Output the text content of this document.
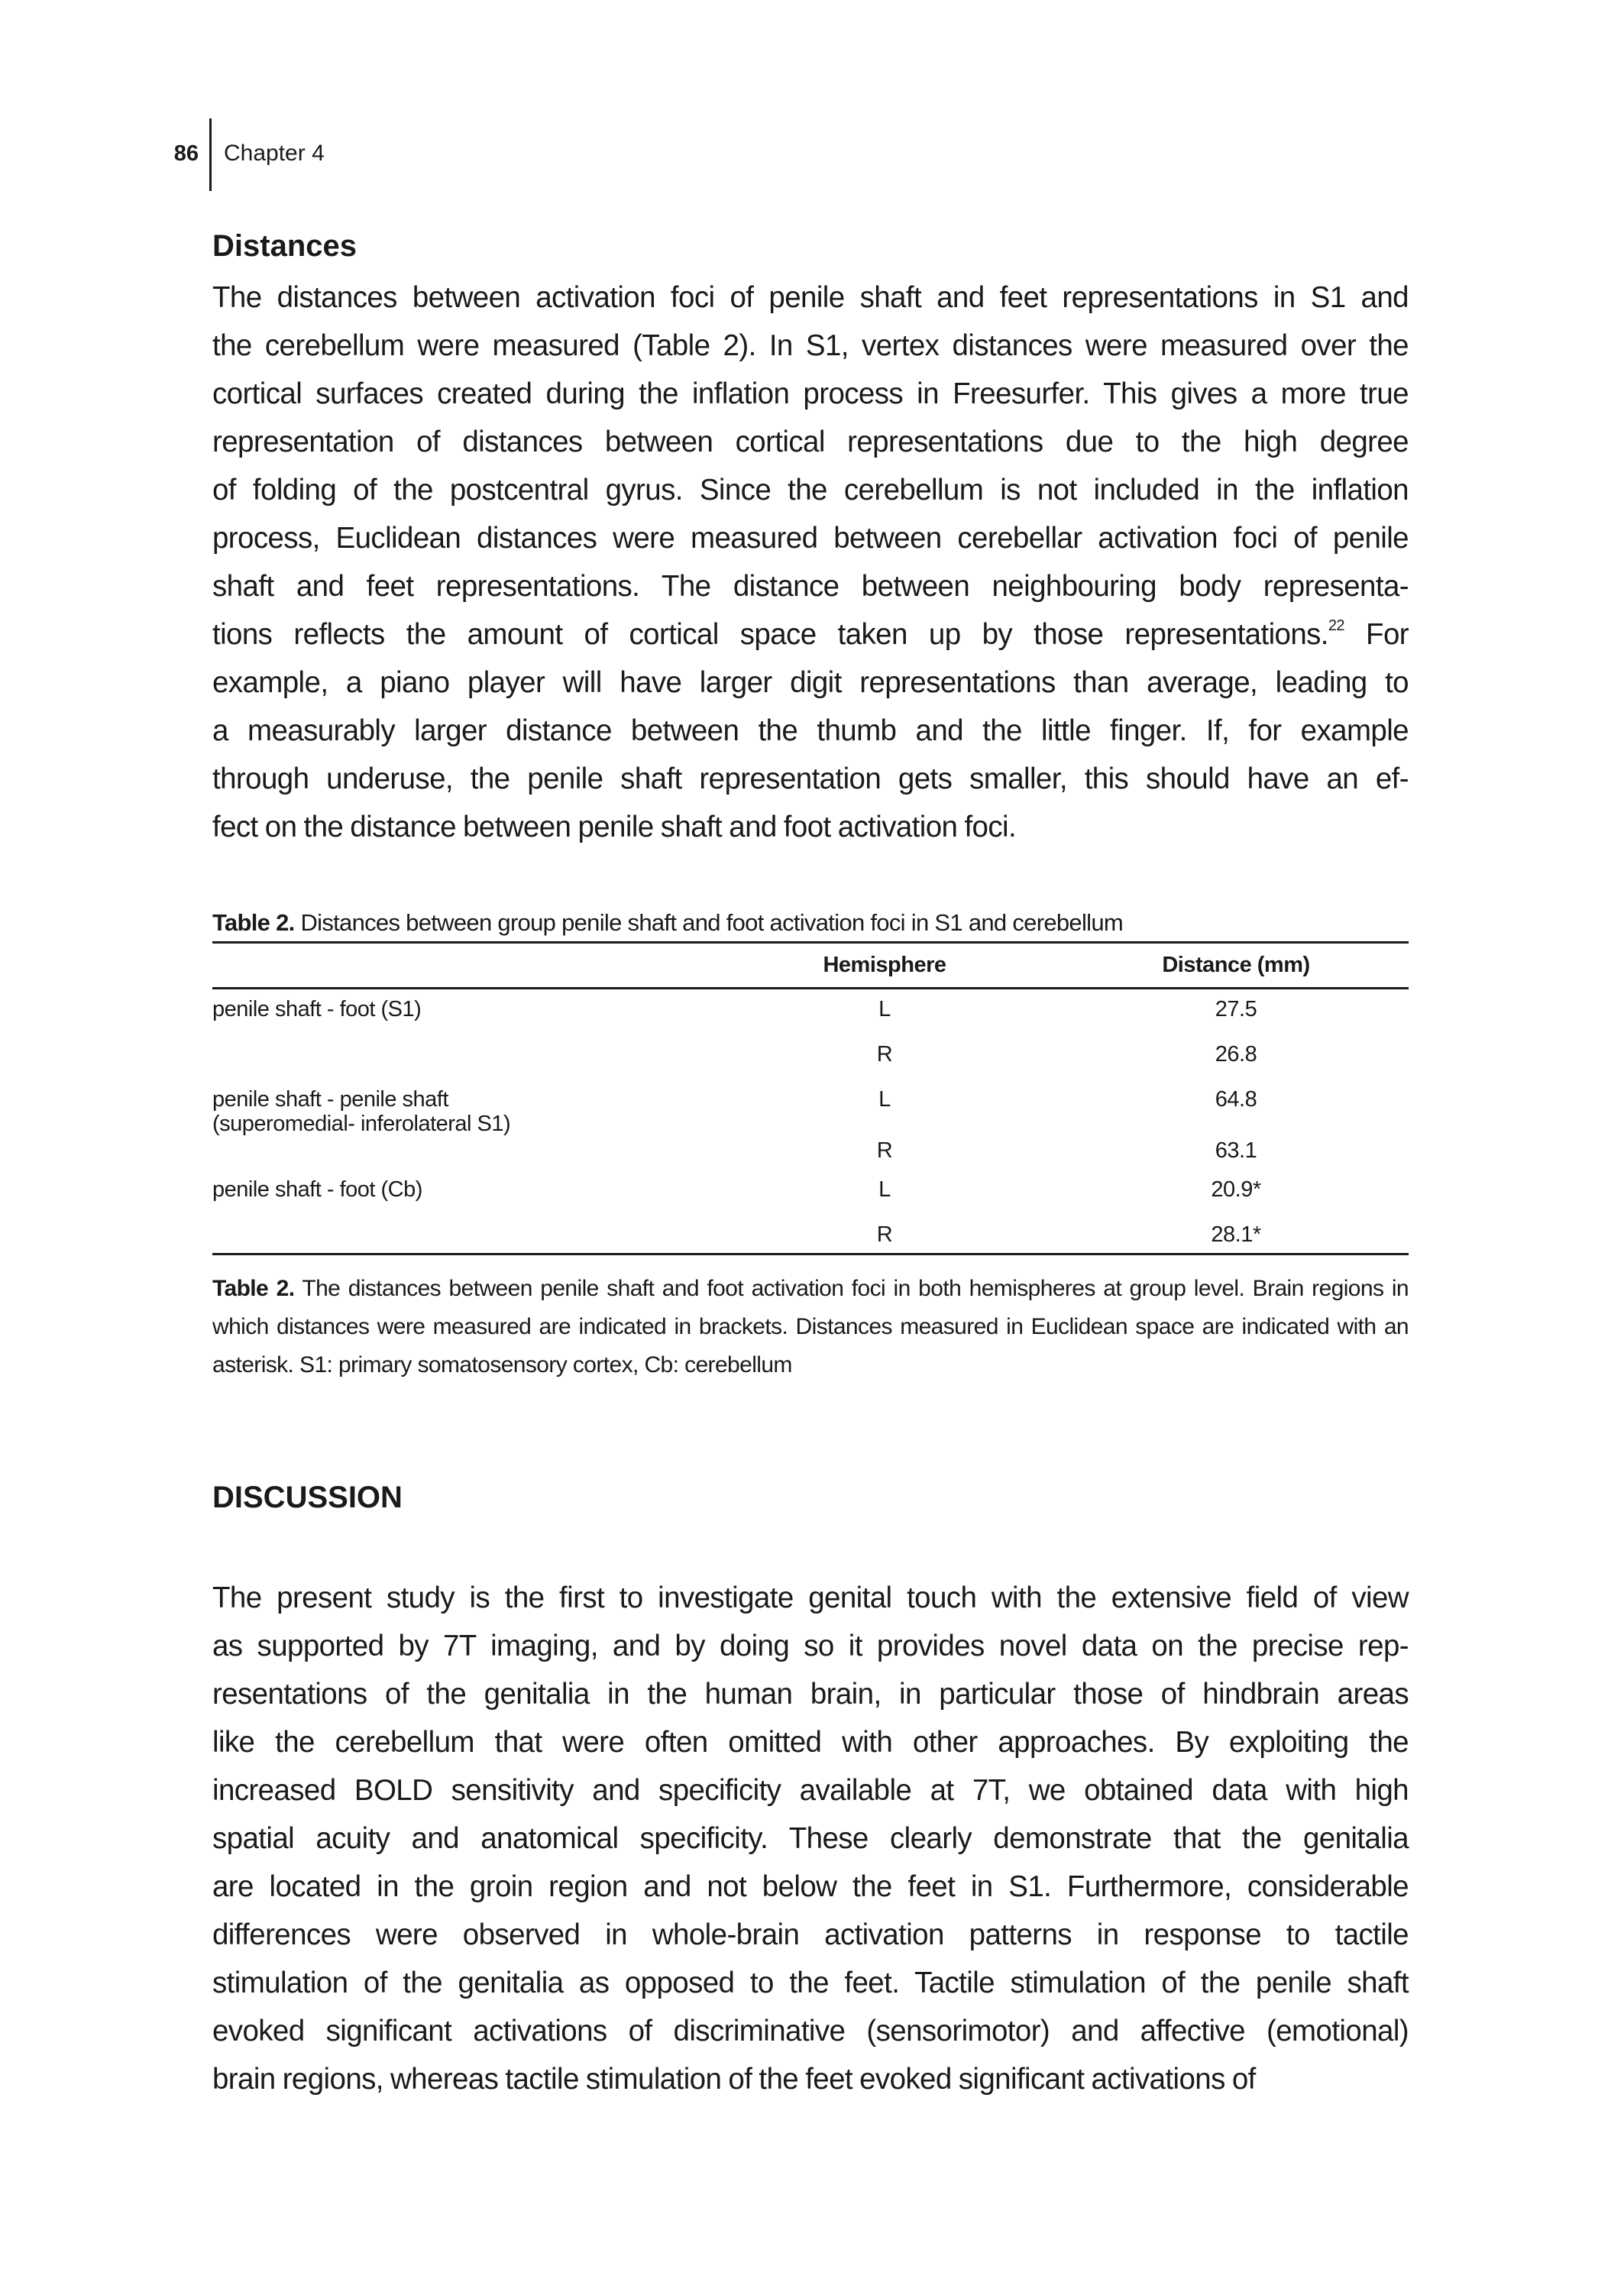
86 Chapter 4
Distances
The distances between activation foci of penile shaft and feet representations in S1 and
the cerebellum were measured (Table 2). In S1, vertex distances were measured over the
cortical surfaces created during the inflation process in Freesurfer. This gives a more true
representation of distances between cortical representations due to the high degree
of folding of the postcentral gyrus. Since the cerebellum is not included in the inflation
process, Euclidean distances were measured between cerebellar activation foci of penile
shaft and feet representations. The distance between neighbouring body representa-
tions reflects the amount of cortical space taken up by those representations.$^{22}$ For
example, a piano player will have larger digit representations than average, leading to
a measurably larger distance between the thumb and the little finger. If, for example
through underuse, the penile shaft representation gets smaller, this should have an ef-
fect on the distance between penile shaft and foot activation foci.
Table 2. Distances between group penile shaft and foot activation foci in S1 and cerebellum
Hemisphere	Distance (mm)
penile shaft - foot (S1)	L	27.5
R	26.8
penile shaft - penile shaft
(superomedial- inferolateral S1)
L	64.8
R	63.1
penile shaft - foot (Cb)	L	20.9*
R	28.1*
Table 2. The distances between penile shaft and foot activation foci in both hemispheres at group level. Brain regions in which distances were measured are indicated in brackets. Distances measured in Euclidean space are indicated with an asterisk. S1: primary somatosensory cortex, Cb: cerebellum
DISCUSSION
The present study is the first to investigate genital touch with the extensive field of view
as supported by 7T imaging, and by doing so it provides novel data on the precise rep-
resentations of the genitalia in the human brain, in particular those of hindbrain areas
like the cerebellum that were often omitted with other approaches. By exploiting the
increased BOLD sensitivity and specificity available at 7T, we obtained data with high
spatial acuity and anatomical specificity. These clearly demonstrate that the genitalia
are located in the groin region and not below the feet in S1. Furthermore, considerable
differences were observed in whole-brain activation patterns in response to tactile
stimulation of the genitalia as opposed to the feet. Tactile stimulation of the penile shaft
evoked significant activations of discriminative (sensorimotor) and affective (emotional)
brain regions, whereas tactile stimulation of the feet evoked significant activations of
